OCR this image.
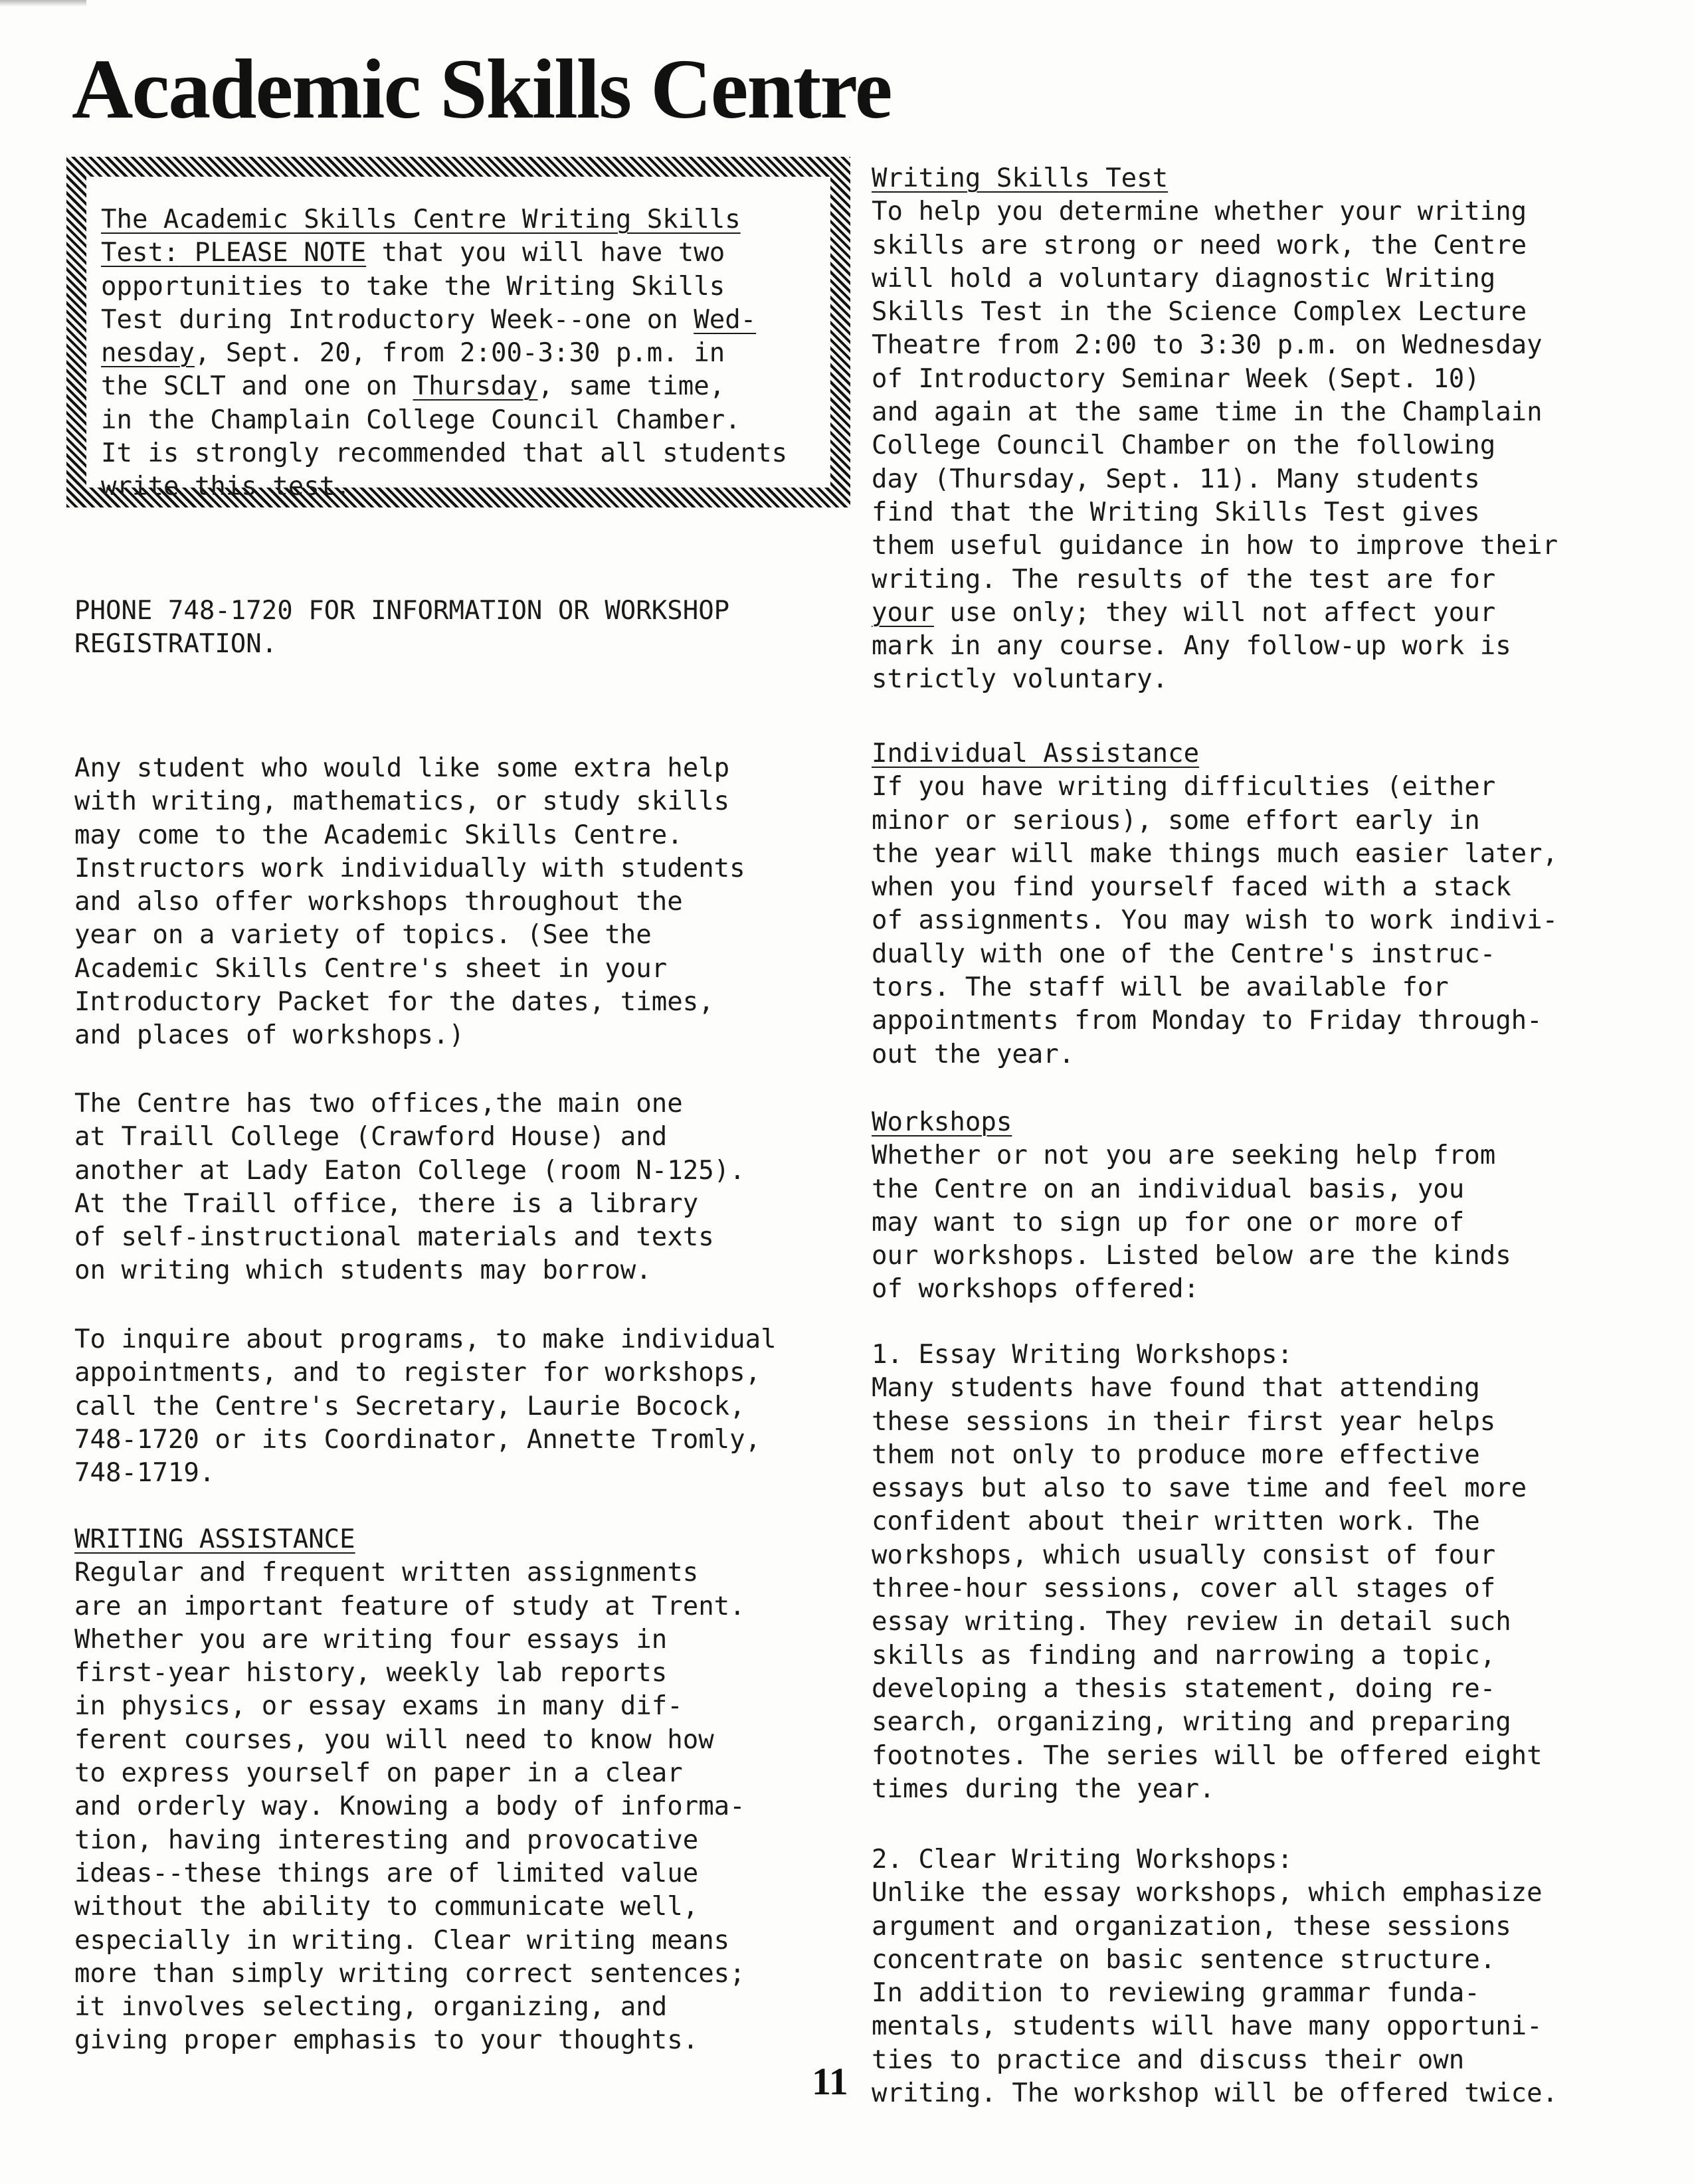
Academic Skills Centre

The Academic Skills Centre Writing Skills
Test: PLEASE NOTE that you will have two
opportunities to take the Writing Skills
Test during Introductory Week--one on Wed-
nesday, Sept. 20, from 2:00-3:30 p.m. in
the SCLT and one on Thursday, same time,
in the Champlain College Council Chamber.
It is strongly recommended that all students
write this test.

PHONE 748-1720 FOR INFORMATION OR WORKSHOP
REGISTRATION.

Any student who would like some extra help
with writing, mathematics, or study skills
may come to the Academic Skills Centre.
Instructors work individually with students
and also offer workshops throughout the
year on a variety of topics. (See the
Academic Skills Centre's sheet in your
Introductory Packet for the dates, times,
and places of workshops.)

The Centre has two offices,the main one
at Traill College (Crawford House) and
another at Lady Eaton College (room N-125).
At the Traill office, there is a library
of self-instructional materials and texts
on writing which students may borrow.

To inquire about programs, to make individual
appointments, and to register for workshops,
call the Centre's Secretary, Laurie Bocock,
748-1720 or its Coordinator, Annette Tromly,
748-1719.

WRITING ASSISTANCE

Regular and frequent written assignments
are an important feature of study at Trent.
Whether you are writing four essays in
first-year history, weekly lab reports
in physics, or essay exams in many dif-
ferent courses, you will need to know how
to express yourself on paper in a clear
and orderly way. Knowing a body of informa-
tion, having interesting and provocative
ideas--these things are of limited value
without the ability to communicate well,
especially in writing. Clear writing means
more than simply writing correct sentences;
it involves selecting, organizing, and
giving proper emphasis to your thoughts.

Writing Skills Test

To help you determine whether your writing
skills are strong or need work, the Centre
will hold a voluntary diagnostic Writing
Skills Test in the Science Complex Lecture
Theatre from 2:00 to 3:30 p.m. on Wednesday
of Introductory Seminar Week (Sept. 10)
and again at the same time in the Champlain
College Council Chamber on the following
day (Thursday, Sept. 11). Many students
find that the Writing Skills Test gives
them useful guidance in how to improve their
writing. The results of the test are for

your use only; they will not affect your
mark in any course. Any follow-up work is
strictly voluntary.

Individual Assistance

If you have writing difficulties (either
minor or serious), some effort early in
the year will make things much easier later,
when you find yourself faced with a stack
of assignments. You may wish to work indivi-
dually with one of the Centre's instruc-
tors. The staff will be available for
appointments from Monday to Friday through-
out the year.

Workshops

Whether or not you are seeking help from
the Centre on an individual basis, you
may want to sign up for one or more of
our workshops. Listed below are the kinds
of workshops offered:

1. Essay Writing Workshops:
Many students have found that attending
these sessions in their first year helps
them not only to produce more effective
essays but also to save time and feel more
confident about their written work. The
workshops, which usually consist of four
three-hour sessions, cover all stages of
essay writing. They review in detail such
skills as finding and narrowing a topic,
developing a thesis statement, doing re-
search, organizing, writing and preparing
footnotes. The series will be offered eight
times during the year.

2. Clear Writing Workshops:
Unlike the essay workshops, which emphasize
argument and organization, these sessions
concentrate on basic sentence structure.
In addition to reviewing grammar funda-
mentals, students will have many opportuni-
ties to practice and discuss their own
writing. The workshop will be offered twice.

11
